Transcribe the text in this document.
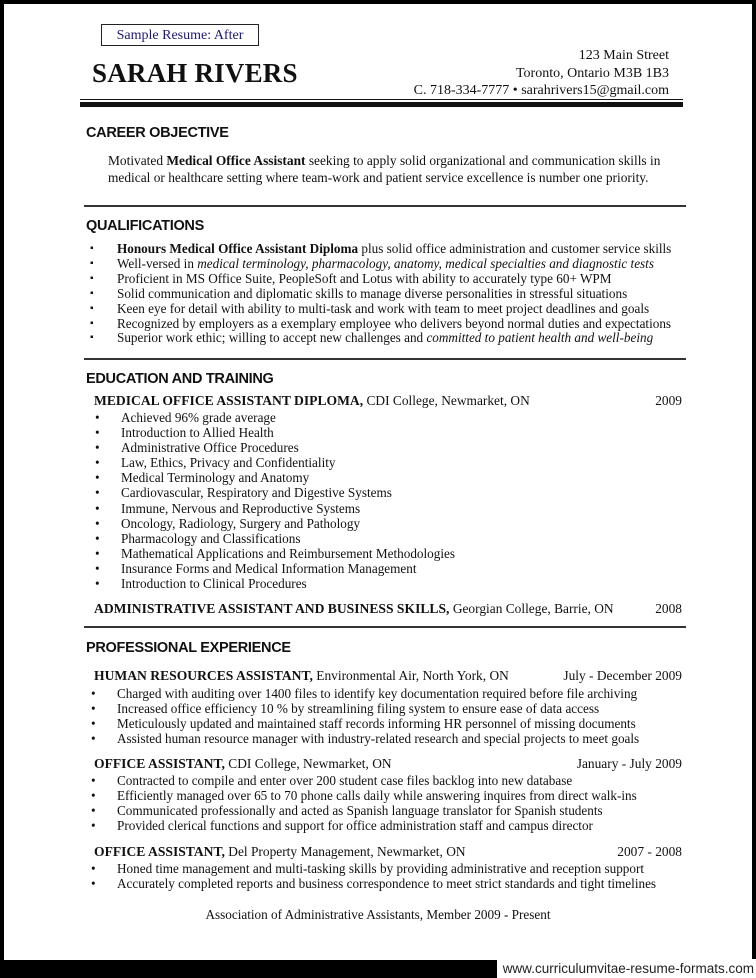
Sample Resume: After
SARAH RIVERS
123 Main Street
Toronto, Ontario M3B 1B3
C. 718-334-7777 • sarahrivers15@gmail.com
CAREER OBJECTIVE
Motivated Medical Office Assistant seeking to apply solid organizational and communication skills in medical or healthcare setting where team-work and patient service excellence is number one priority.
QUALIFICATIONS
▪ Honours Medical Office Assistant Diploma plus solid office administration and customer service skills
▪ Well-versed in medical terminology, pharmacology, anatomy, medical specialties and diagnostic tests
▪ Proficient in MS Office Suite, PeopleSoft and Lotus with ability to accurately type 60+ WPM
▪ Solid communication and diplomatic skills to manage diverse personalities in stressful situations
▪ Keen eye for detail with ability to multi-task and work with team to meet project deadlines and goals
▪ Recognized by employers as a exemplary employee who delivers beyond normal duties and expectations
▪ Superior work ethic; willing to accept new challenges and committed to patient health and well-being
EDUCATION AND TRAINING
MEDICAL OFFICE ASSISTANT DIPLOMA, CDI College, Newmarket, ON	2009
• Achieved 96% grade average
• Introduction to Allied Health
• Administrative Office Procedures
• Law, Ethics, Privacy and Confidentiality
• Medical Terminology and Anatomy
• Cardiovascular, Respiratory and Digestive Systems
• Immune, Nervous and Reproductive Systems
• Oncology, Radiology, Surgery and Pathology
• Pharmacology and Classifications
• Mathematical Applications and Reimbursement Methodologies
• Insurance Forms and Medical Information Management
• Introduction to Clinical Procedures
ADMINISTRATIVE ASSISTANT AND BUSINESS SKILLS, Georgian College, Barrie, ON	2008
PROFESSIONAL EXPERIENCE
HUMAN RESOURCES ASSISTANT, Environmental Air, North York, ON	July - December 2009
• Charged with auditing over 1400 files to identify key documentation required before file archiving
• Increased office efficiency 10 % by streamlining filing system to ensure ease of data access
• Meticulously updated and maintained staff records informing HR personnel of missing documents
• Assisted human resource manager with industry-related research and special projects to meet goals
OFFICE ASSISTANT, CDI College, Newmarket, ON	January - July 2009
• Contracted to compile and enter over 200 student case files backlog into new database
• Efficiently managed over 65 to 70 phone calls daily while answering inquires from direct walk-ins
• Communicated professionally and acted as Spanish language translator for Spanish students
• Provided clerical functions and support for office administration staff and campus director
OFFICE ASSISTANT, Del Property Management, Newmarket, ON	2007 - 2008
• Honed time management and multi-tasking skills by providing administrative and reception support
• Accurately completed reports and business correspondence to meet strict standards and tight timelines
Association of Administrative Assistants, Member 2009 - Present
www.curriculumvitae-resume-formats.com
